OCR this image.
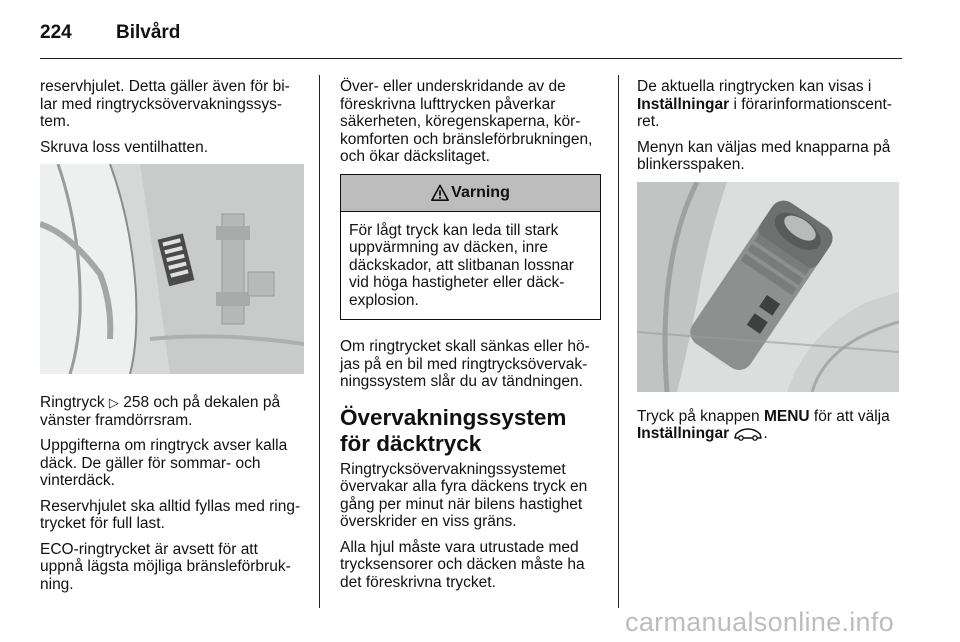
224	Bilvård

reservhjulet. Detta gäller även för bi-lar med ringtrycksövervakningssys-tem.

Skruva loss ventilhatten.

Ringtryck ▷ 258 och på dekalen på vänster framdörrsram.

Uppgifterna om ringtryck avser kalla däck. De gäller för sommar- och vinterdäck.

Reservhjulet ska alltid fyllas med ring-trycket för full last.

ECO-ringtrycket är avsett för att uppnå lägsta möjliga bränsleförbruk-ning.

Över- eller underskridande av de föreskrivna lufttrycken påverkar säkerheten, köregenskaperna, kör-komforten och bränsleförbrukningen, och ökar däckslitaget.

Varning

För lågt tryck kan leda till stark uppvärmning av däcken, inre däckskador, att slitbanan lossnar vid höga hastigheter eller däck-explosion.

Om ringtrycket skall sänkas eller hö-jas på en bil med ringtrycksövervak-ningssystem slår du av tändningen.

Övervakningssystem för däcktryck

Ringtrycksövervakningssystemet övervakar alla fyra däckens tryck en gång per minut när bilens hastighet överskrider en viss gräns.

Alla hjul måste vara utrustade med trycksensorer och däcken måste ha det föreskrivna trycket.

De aktuella ringtrycken kan visas i Inställningar i förarinformationscent-ret.

Menyn kan väljas med knapparna på blinkersspaken.

Tryck på knappen MENU för att välja Inställningar .

carmanualsonline.info
